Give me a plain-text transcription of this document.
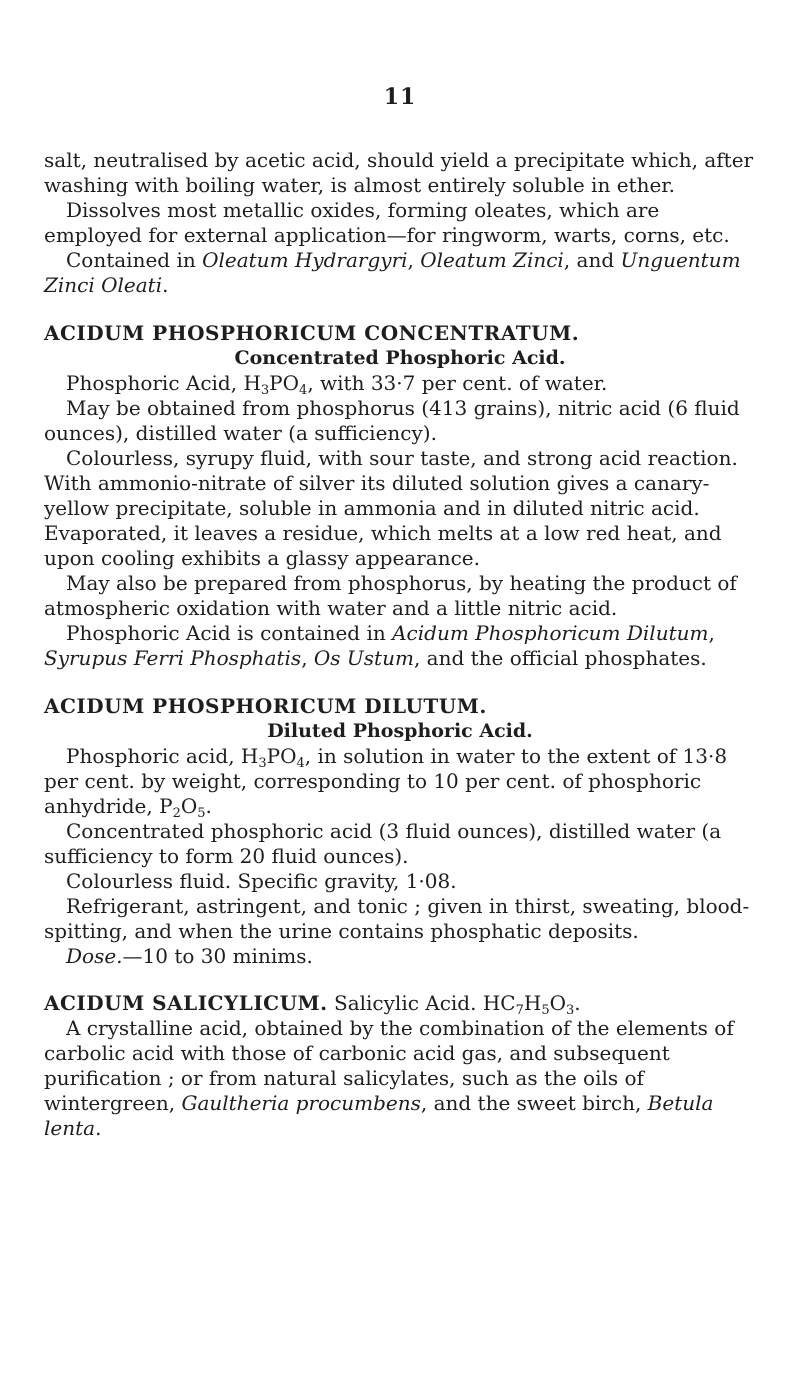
11

salt, neutralised by acetic acid, should yield a precipitate which, after washing with boiling water, is almost entirely soluble in ether.

Dissolves most metallic oxides, forming oleates, which are employed for external application—for ringworm, warts, corns, etc.

Contained in Oleatum Hydrargyri, Oleatum Zinci, and Unguentum Zinci Oleati.

ACIDUM PHOSPHORICUM CONCENTRATUM.

Concentrated Phosphoric Acid.

Phosphoric Acid, $H_3PO_4$, with 33·7 per cent. of water.

May be obtained from phosphorus (413 grains), nitric acid (6 fluid ounces), distilled water (a sufficiency).

Colourless, syrupy fluid, with sour taste, and strong acid reaction. With ammonio-nitrate of silver its diluted solution gives a canary-yellow precipitate, soluble in ammonia and in diluted nitric acid. Evaporated, it leaves a residue, which melts at a low red heat, and upon cooling exhibits a glassy appearance.

May also be prepared from phosphorus, by heating the product of atmospheric oxidation with water and a little nitric acid.

Phosphoric Acid is contained in Acidum Phosphoricum Dilutum, Syrupus Ferri Phosphatis, Os Ustum, and the official phosphates.

ACIDUM PHOSPHORICUM DILUTUM.

Diluted Phosphoric Acid.

Phosphoric acid, $H_3PO_4$, in solution in water to the extent of 13·8 per cent. by weight, corresponding to 10 per cent. of phosphoric anhydride, $P_2O_5$.

Concentrated phosphoric acid (3 fluid ounces), distilled water (a sufficiency to form 20 fluid ounces).

Colourless fluid. Specific gravity, 1·08.

Refrigerant, astringent, and tonic ; given in thirst, sweating, blood-spitting, and when the urine contains phosphatic deposits.

Dose.—10 to 30 minims.

ACIDUM SALICYLICUM. Salicylic Acid. $HC_7H_5O_3$.

A crystalline acid, obtained by the combination of the elements of carbolic acid with those of carbonic acid gas, and subsequent purification ; or from natural salicylates, such as the oils of wintergreen, Gaultheria procumbens, and the sweet birch, Betula lenta.
